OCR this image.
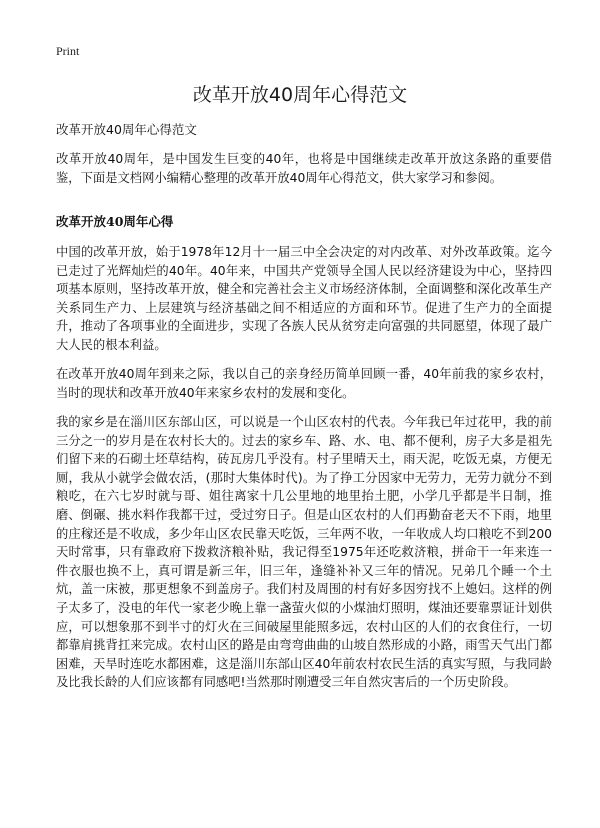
Print
改革开放40周年心得范文
改革开放40周年心得范文

改革开放40周年，是中国发生巨变的40年，也将是中国继续走改革开放这条路的重要借鉴，下面是文档网小编精心整理的改革开放40周年心得范文，供大家学习和参阅。

改革开放40周年心得

中国的改革开放，始于1978年12月十一届三中全会决定的对内改革、对外改革政策。迄今已走过了光辉灿烂的40年。40年来，中国共产党领导全国人民以经济建设为中心，坚持四项基本原则，坚持改革开放，健全和完善社会主义市场经济体制，全面调整和深化改革生产关系同生产力、上层建筑与经济基础之间不相适应的方面和环节。促进了生产力的全面提升，推动了各项事业的全面进步，实现了各族人民从贫穷走向富强的共同愿望，体现了最广大人民的根本利益。

在改革开放40周年到来之际，我以自己的亲身经历简单回顾一番，40年前我的家乡农村，当时的现状和改革开放40年来家乡农村的发展和变化。

我的家乡是在淄川区东部山区，可以说是一个山区农村的代表。今年我已年过花甲，我的前三分之一的岁月是在农村长大的。过去的家乡车、路、水、电、都不便利，房子大多是祖先们留下来的石砌土坯草结构，砖瓦房几乎没有。村子里晴天土，雨天泥，吃饭无桌，方便无厕，我从小就学会做农活，(那时大集体时代)。为了挣工分因家中无劳力，无劳力就分不到粮吃，在六七岁时就与哥、姐往离家十几公里地的地里抬土肥，小学几乎都是半日制，推磨、倒碾、挑水料作我都干过，受过穷日子。但是山区农村的人们再勤奋老天不下雨，地里的庄稼还是不收成，多少年山区农民靠天吃饭，三年两不收，一年收成人均口粮吃不到200天时常事，只有靠政府下拨救济粮补贴，我记得至1975年还吃救济粮，拼命干一年来连一件衣服也换不上，真可谓是新三年，旧三年，逢缝补补又三年的情况。兄弟几个睡一个土炕，盖一床被，那更想象不到盖房子。我们村及周围的村有好多因穷找不上媳妇。这样的例子太多了，没电的年代一家老少晚上靠一盏萤火似的小煤油灯照明，煤油还要靠票证计划供应，可以想象那不到半寸的灯火在三间破屋里能照多远，农村山区的人们的衣食住行，一切都靠肩挑背扛来完成。农村山区的路是由弯弯曲曲的山坡自然形成的小路，雨雪天气出门都困难，天旱时连吃水都困难，这是淄川东部山区40年前农村农民生活的真实写照，与我同龄及比我长龄的人们应该都有同感吧!当然那时刚遭受三年自然灾害后的一个历史阶段。
